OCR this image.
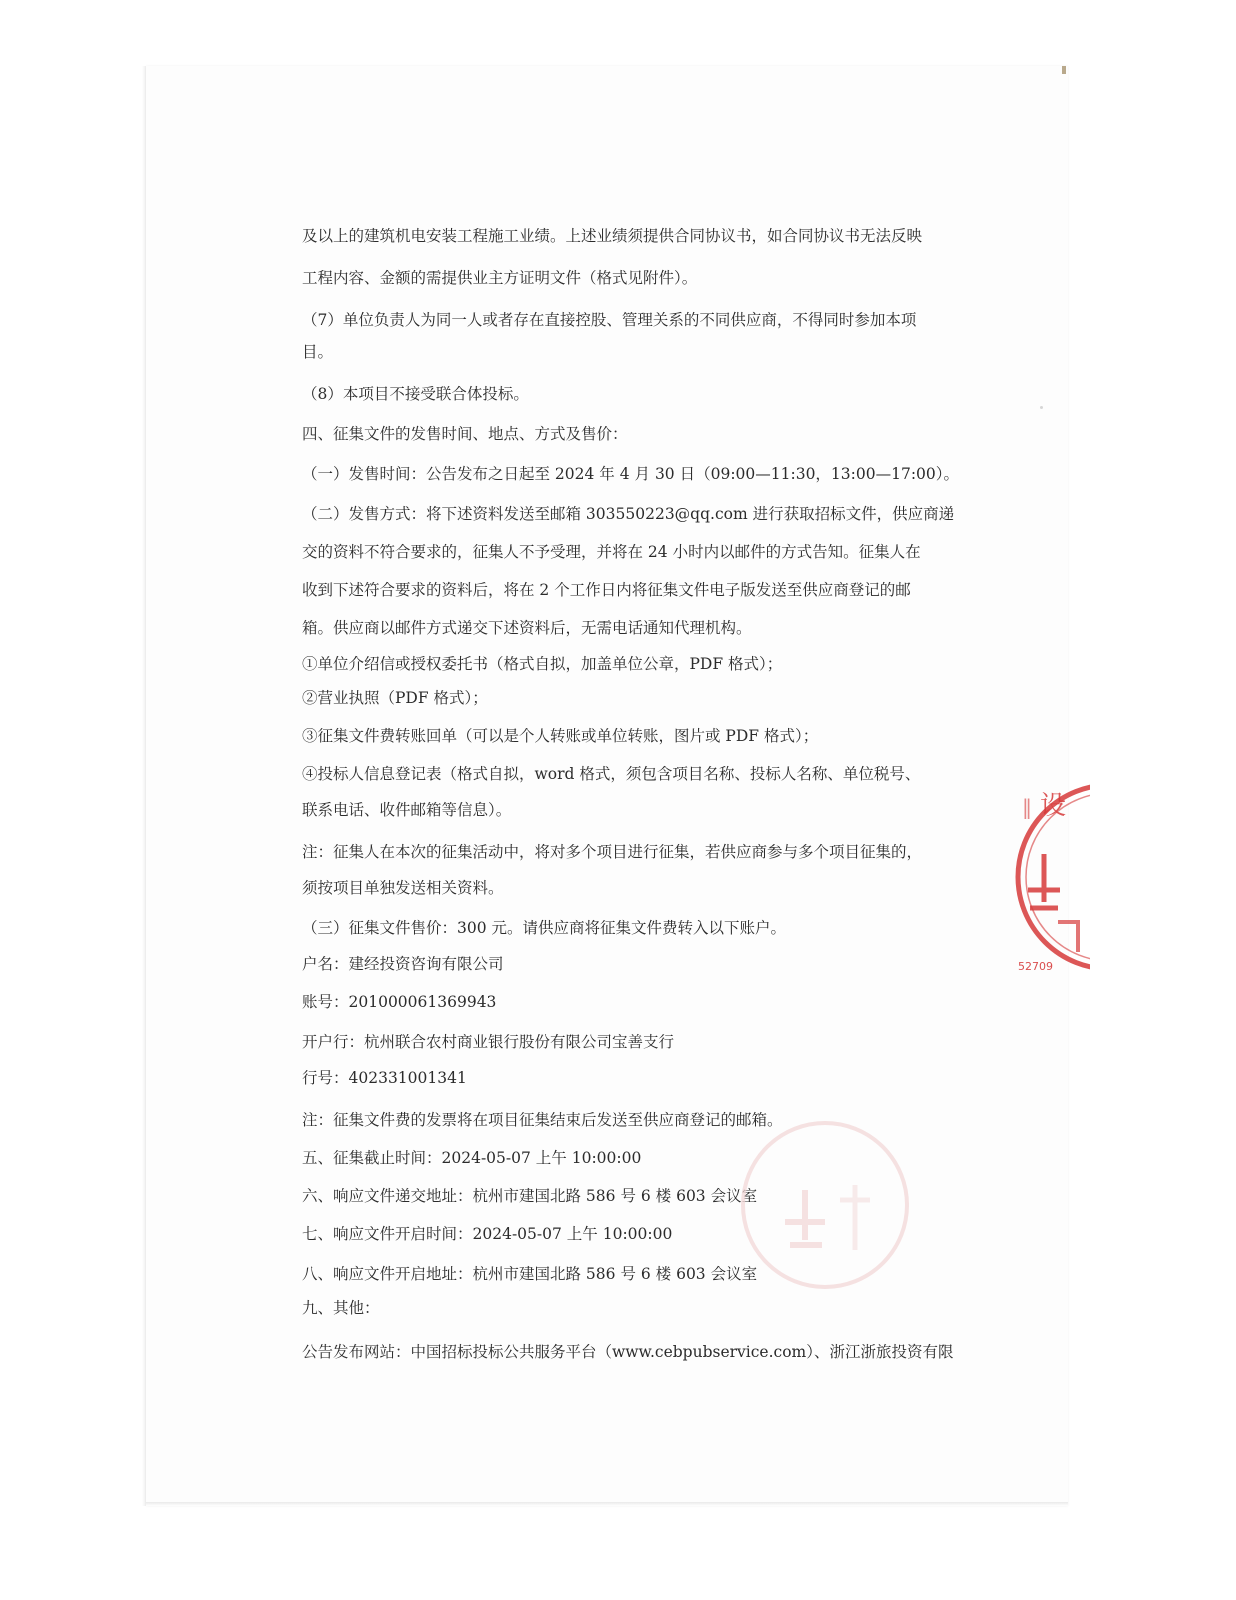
及以上的建筑机电安装工程施工业绩。上述业绩须提供合同协议书，如合同协议书无法反映
工程内容、金额的需提供业主方证明文件（格式见附件）。
（7）单位负责人为同一人或者存在直接控股、管理关系的不同供应商，不得同时参加本项
目。
（8）本项目不接受联合体投标。
四、征集文件的发售时间、地点、方式及售价：
（一）发售时间：公告发布之日起至 2024 年 4 月 30 日（09:00—11:30，13:00—17:00）。
（二）发售方式：将下述资料发送至邮箱 303550223@qq.com 进行获取招标文件，供应商递
交的资料不符合要求的，征集人不予受理，并将在 24 小时内以邮件的方式告知。征集人在
收到下述符合要求的资料后，将在 2 个工作日内将征集文件电子版发送至供应商登记的邮
箱。供应商以邮件方式递交下述资料后，无需电话通知代理机构。
①单位介绍信或授权委托书（格式自拟，加盖单位公章，PDF 格式）；
②营业执照（PDF 格式）；
③征集文件费转账回单（可以是个人转账或单位转账，图片或 PDF 格式）；
④投标人信息登记表（格式自拟，word 格式，须包含项目名称、投标人名称、单位税号、
联系电话、收件邮箱等信息）。
注：征集人在本次的征集活动中，将对多个项目进行征集，若供应商参与多个项目征集的，
须按项目单独发送相关资料。
（三）征集文件售价：300 元。请供应商将征集文件费转入以下账户。
户名：建经投资咨询有限公司
账号：201000061369943
开户行：杭州联合农村商业银行股份有限公司宝善支行
行号：402331001341
注：征集文件费的发票将在项目征集结束后发送至供应商登记的邮箱。
五、征集截止时间：2024-05-07 上午 10:00:00
六、响应文件递交地址：杭州市建国北路 586 号 6 楼 603 会议室
七、响应文件开启时间：2024-05-07 上午 10:00:00
八、响应文件开启地址：杭州市建国北路 586 号 6 楼 603 会议室
九、其他：
公告发布网站：中国招标投标公共服务平台（www.cebpubservice.com）、浙江浙旅投资有限
设
‖
52709
